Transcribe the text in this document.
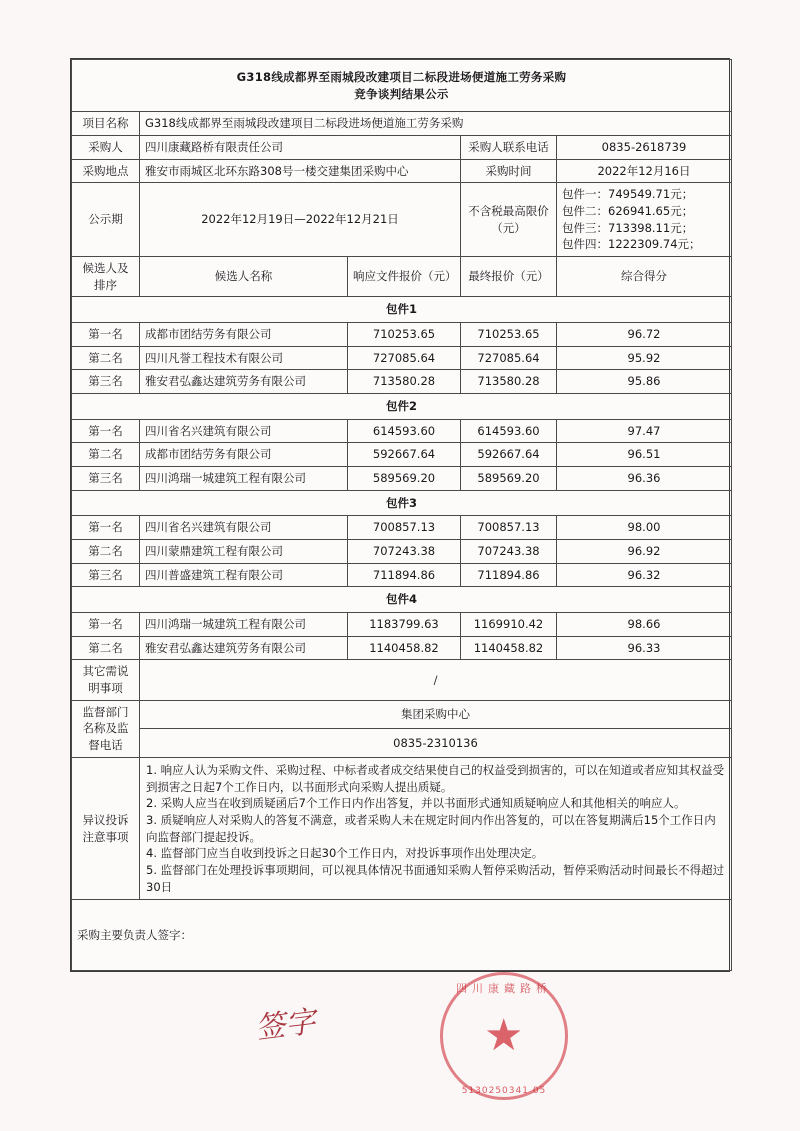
G318线成都界至雨城段改建项目二标段进场便道施工劳务采购
竞争谈判结果公示				

项目名称	G318线成都界至雨城段改建项目二标段进场便道施工劳务采购			
采购人	四川康藏路桥有限责任公司		采购人联系电话	0835-2618739
采购地点	雅安市雨城区北环东路308号一楼交建集团采购中心		采购时间	2022年12月16日
公示期	2022年12月19日—2022年12月21日		不含税最高限价（元）	包件一：749549.71元；
包件二：626941.65元；
包件三：713398.11元；
包件四：1222309.74元；

候选人及排序	候选人名称	响应文件报价（元）	最终报价（元）	综合得分
包件1				
第一名	成都市团结劳务有限公司	710253.65	710253.65	96.72
第二名	四川凡誉工程技术有限公司	727085.64	727085.64	95.92
第三名	雅安君弘鑫达建筑劳务有限公司	713580.28	713580.28	95.86
包件2				
第一名	四川省名兴建筑有限公司	614593.60	614593.60	97.47
第二名	成都市团结劳务有限公司	592667.64	592667.64	96.51
第三名	四川鸿瑞一城建筑工程有限公司	589569.20	589569.20	96.36
包件3				
第一名	四川省名兴建筑有限公司	700857.13	700857.13	98.00
第二名	四川蒙鼎建筑工程有限公司	707243.38	707243.38	96.92
第三名	四川普盛建筑工程有限公司	711894.86	711894.86	96.32
包件4				
第一名	四川鸿瑞一城建筑工程有限公司	1183799.63	1169910.42	98.66
第二名	雅安君弘鑫达建筑劳务有限公司	1140458.82	1140458.82	96.33
其它需说明事项	/			
监督部门名称及监督电话	集团采购中心			
	0835-2310136			
异议投诉注意事项	1. 响应人认为采购文件、采购过程、中标者或者成交结果使自己的权益受到损害的，可以在知道或者应知其权益受到损害之日起7个工作日内，以书面形式向采购人提出质疑。
2. 采购人应当在收到质疑函后7个工作日内作出答复，并以书面形式通知质疑响应人和其他相关的响应人。
3. 质疑响应人对采购人的答复不满意，或者采购人未在规定时间内作出答复的，可以在答复期满后15个工作日内向监督部门提起投诉。
4. 监督部门应当自收到投诉之日起30个工作日内，对投诉事项作出处理决定。
5. 监督部门在处理投诉事项期间，可以视具体情况书面通知采购人暂停采购活动，暂停采购活动时间最长不得超过30日			

采购主要负责人签字：				
签字
四川康藏路桥
★
5130250341 05
